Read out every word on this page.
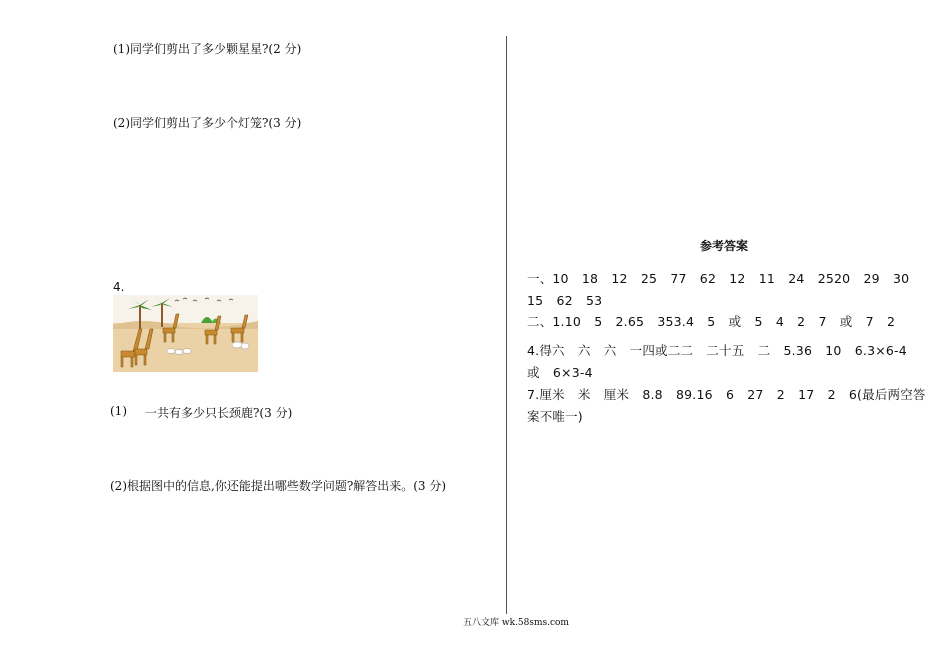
(1)同学们剪出了多少颗星星?(2 分)
(2)同学们剪出了多少个灯笼?(3 分)
4.
(1) 一共有多少只长颈鹿?(3 分)
(2)根据图中的信息,你还能提出哪些数学问题?解答出来。(3 分)
参考答案
一、10 18 12 25 77 62 12 11 24 2520 29 30 15 62 53
二、1.10 5 2.65 353.4 5 或 5 4 2 7 或 7 2
4.得六 六 六 一四或二二 二十五 二 5.36 10 6.3×6-4 或 6×3-4
7.厘米 米 厘米 8.8 89.16 6 27 2 17 2 6(最后两空答案不唯一)
五八文库 wk.58sms.com
